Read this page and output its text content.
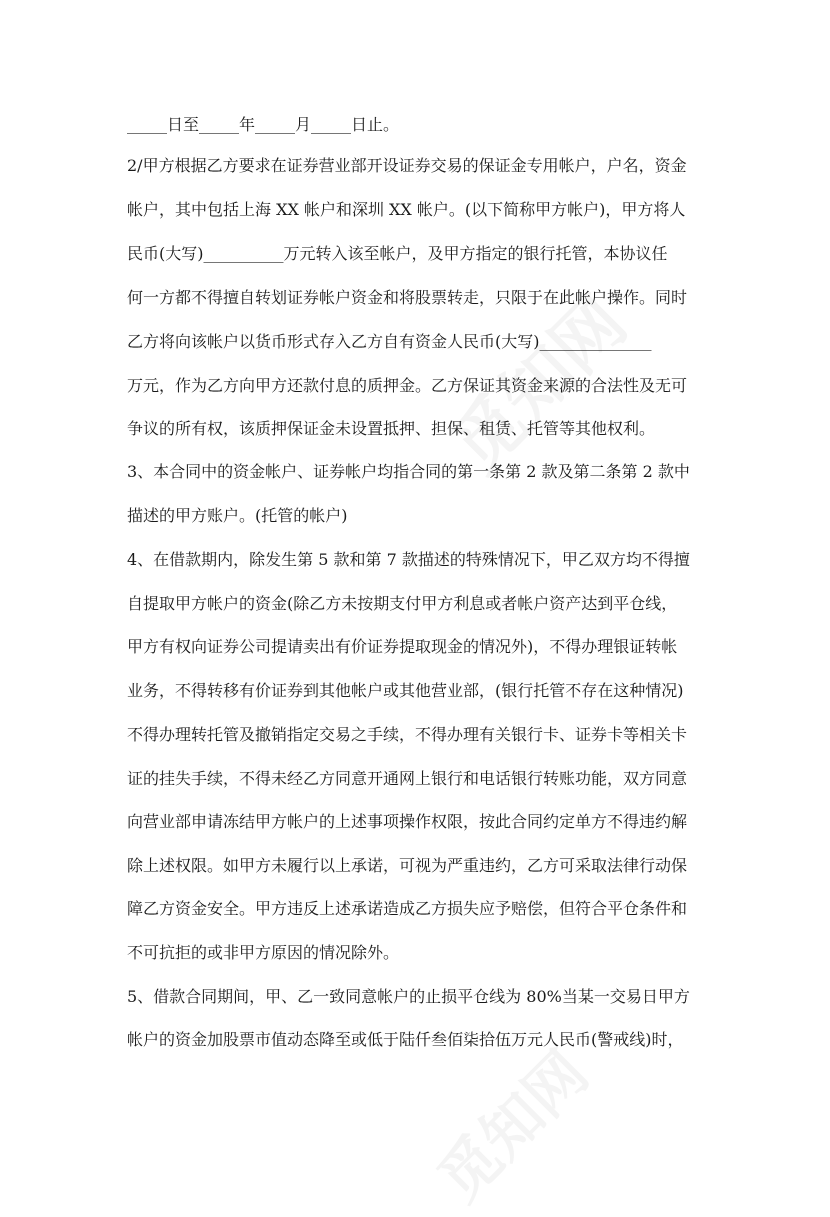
_____日至_____年_____月_____日止。
2/甲方根据乙方要求在证券营业部开设证券交易的保证金专用帐户，户名，资金
帐户，其中包括上海 XX 帐户和深圳 XX 帐户。(以下简称甲方帐户)，甲方将人
民币(大写)__________万元转入该至帐户，及甲方指定的银行托管，本协议任
何一方都不得擅自转划证券帐户资金和将股票转走，只限于在此帐户操作。同时
乙方将向该帐户以货币形式存入乙方自有资金人民币(大写)______________
万元，作为乙方向甲方还款付息的质押金。乙方保证其资金来源的合法性及无可
争议的所有权，该质押保证金未设置抵押、担保、租赁、托管等其他权利。
3、本合同中的资金帐户、证券帐户均指合同的第一条第 2 款及第二条第 2 款中
描述的甲方账户。(托管的帐户)
4、在借款期内，除发生第 5 款和第 7 款描述的特殊情况下，甲乙双方均不得擅
自提取甲方帐户的资金(除乙方未按期支付甲方利息或者帐户资产达到平仓线，
甲方有权向证券公司提请卖出有价证券提取现金的情况外)，不得办理银证转帐
业务，不得转移有价证券到其他帐户或其他营业部，(银行托管不存在这种情况)
不得办理转托管及撤销指定交易之手续，不得办理有关银行卡、证券卡等相关卡
证的挂失手续，不得未经乙方同意开通网上银行和电话银行转账功能，双方同意
向营业部申请冻结甲方帐户的上述事项操作权限，按此合同约定单方不得违约解
除上述权限。如甲方未履行以上承诺，可视为严重违约，乙方可采取法律行动保
障乙方资金安全。甲方违反上述承诺造成乙方损失应予赔偿，但符合平仓条件和
不可抗拒的或非甲方原因的情况除外。
5、借款合同期间，甲、乙一致同意帐户的止损平仓线为 80%当某一交易日甲方
帐户的资金加股票市值动态降至或低于陆仟叁佰柒拾伍万元人民币(警戒线)时，
